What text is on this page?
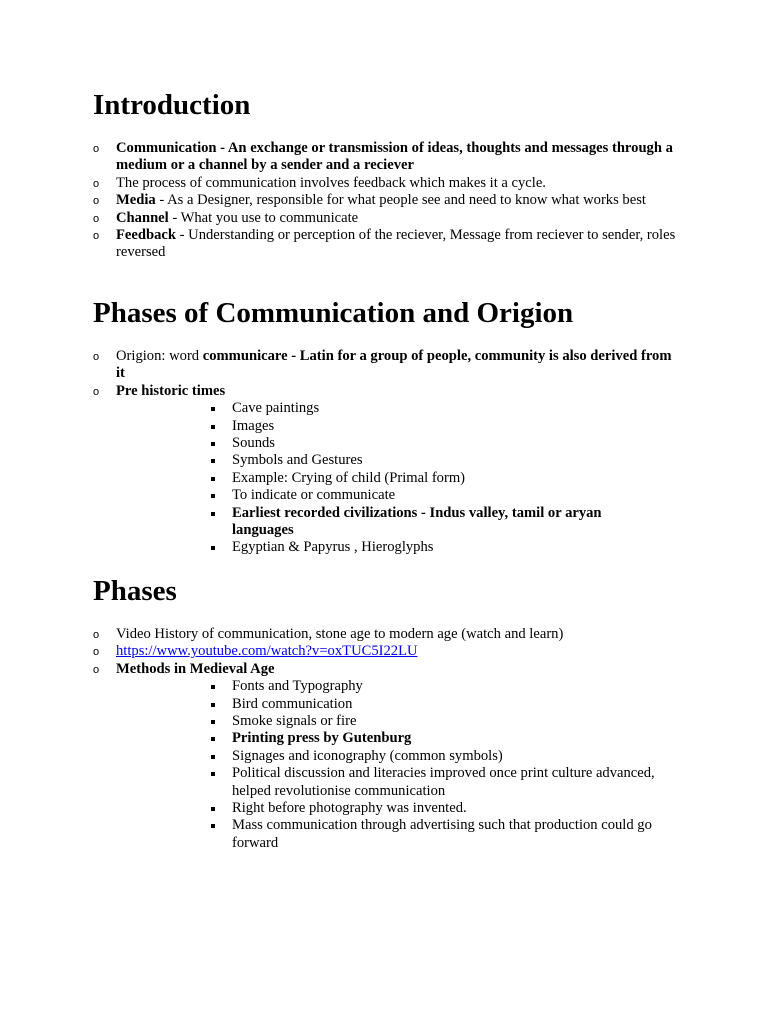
Introduction
o Communication - An exchange or transmission of ideas, thoughts and messages through a medium or a channel by a sender and a reciever
o The process of communication involves feedback which makes it a cycle.
o Media - As a Designer, responsible for what people see and need to know what works best
o Channel - What you use to communicate
o Feedback - Understanding or perception of the reciever, Message from reciever to sender, roles reversed
Phases of Communication and Origion
o Origion: word communicare - Latin for a group of people, community is also derived from it
o Pre historic times
Cave paintings
Images
Sounds
Symbols and Gestures
Example: Crying of child (Primal form)
To indicate or communicate
Earliest recorded civilizations - Indus valley, tamil or aryan languages
Egyptian & Papyrus , Hieroglyphs
Phases
o Video History of communication, stone age to modern age (watch and learn)
o https://www.youtube.com/watch?v=oxTUC5I22LU
o Methods in Medieval Age
Fonts and Typography
Bird communication
Smoke signals or fire
Printing press by Gutenburg
Signages and iconography (common symbols)
Political discussion and literacies improved once print culture advanced, helped revolutionise communication
Right before photography was invented.
Mass communication through advertising such that production could go forward
